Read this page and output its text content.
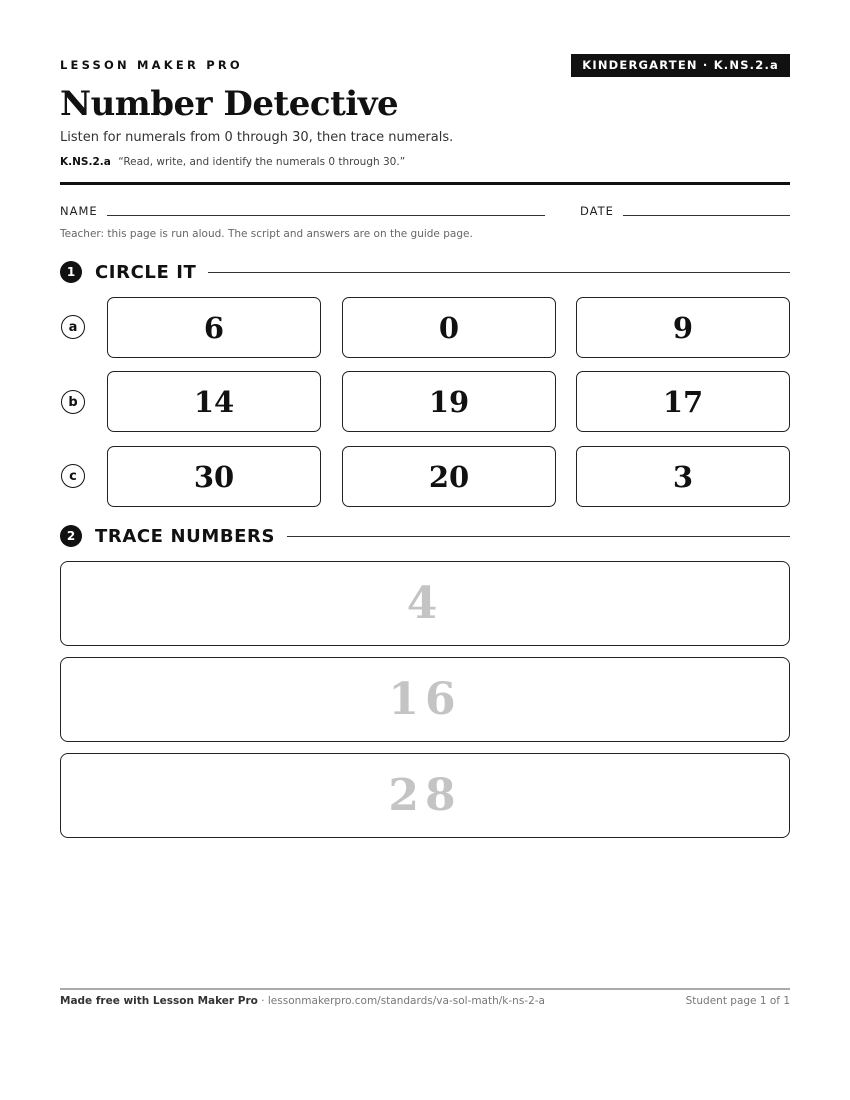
LESSON MAKER PRO	KINDERGARTEN · K.NS.2.a
Number Detective
Listen for numerals from 0 through 30, then trace numerals.
K.NS.2.a “Read, write, and identify the numerals 0 through 30.”
NAME	DATE
Teacher: this page is run aloud. The script and answers are on the guide page.
1	CIRCLE IT
a	6	0	9
b	14	19	17
c	30	20	3
2	TRACE NUMBERS
4
16
28
Made free with Lesson Maker Pro · lessonmakerpro.com/standards/va-sol-math/k-ns-2-a	Student page 1 of 1
